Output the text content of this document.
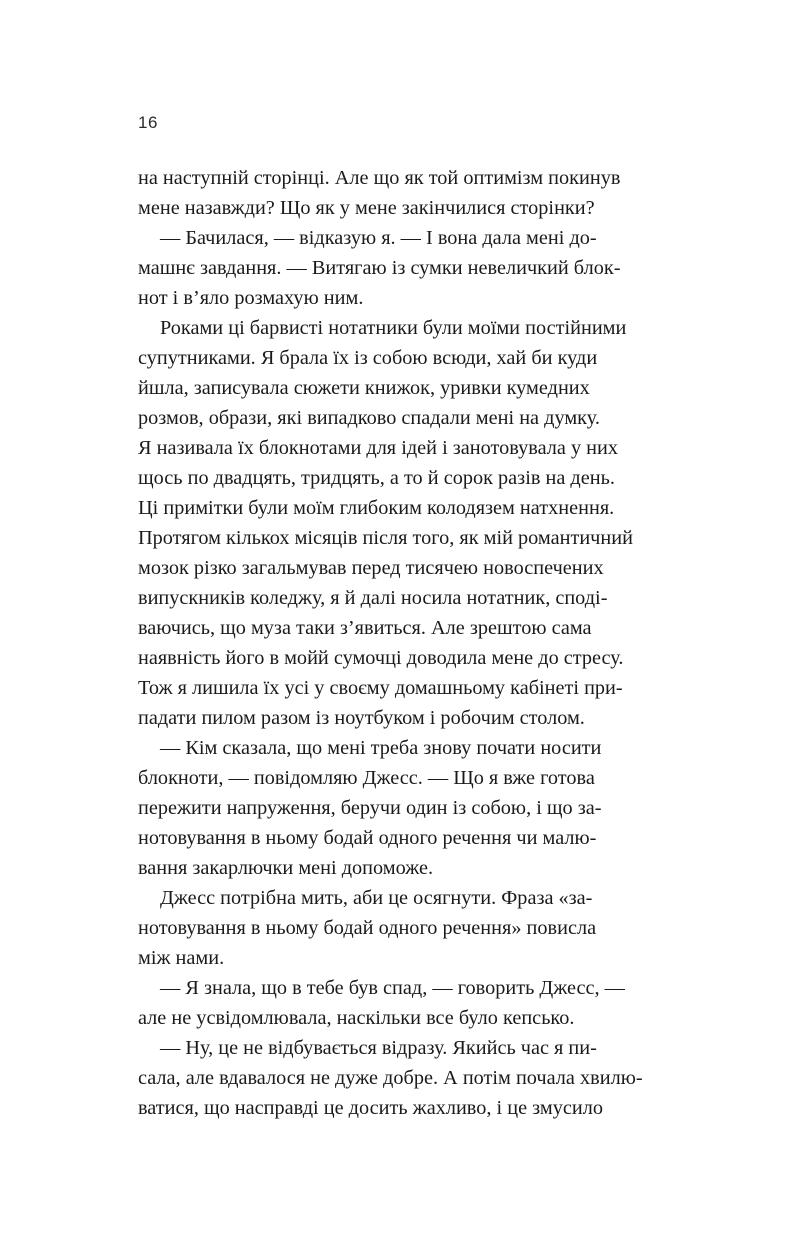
16

на наступній сторінці. Але що як той оптимізм покинув
мене назавжди? Що як у мене закінчилися сторінки?

— Бачилася, — відказую я. — І вона дала мені до-
машнє завдання. — Витягаю із сумки невеличкий блок-
нот і в’яло розмахую ним.

Роками ці барвисті нотатники були моїми постійними
супутниками. Я брала їх із собою всюди, хай би куди
йшла, записувала сюжети книжок, уривки кумедних
розмов, образи, які випадково спадали мені на думку.
Я називала їх блокнотами для ідей і занотовувала у них
щось по двадцять, тридцять, а то й сорок разів на день.
Ці примітки були моїм глибоким колодязем натхнення.
Протягом кількох місяців після того, як мій романтичний
мозок різко загальмував перед тисячею новоспечених
випускників коледжу, я й далі носила нотатник, споді-
ваючись, що муза таки з’явиться. Але зрештою сама
наявність його в мойй сумочці доводила мене до стресу.
Тож я лишила їх усі у своєму домашньому кабінеті при-
падати пилом разом із ноутбуком і робочим столом.

— Кім сказала, що мені треба знову почати носити
блокноти, — повідомляю Джесс. — Що я вже готова
пережити напруження, беручи один із собою, і що за-
нотовування в ньому бодай одного речення чи малю-
вання закарлючки мені допоможе.

Джесс потрібна мить, аби це осягнути. Фраза «за-
нотовування в ньому бодай одного речення» повисла
між нами.

— Я знала, що в тебе був спад, — говорить Джесс, —
але не усвідомлювала, наскільки все було кепсько.

— Ну, це не відбувається відразу. Якийсь час я пи-
сала, але вдавалося не дуже добре. А потім почала хвилю-
ватися, що насправді це досить жахливо, і це змусило
